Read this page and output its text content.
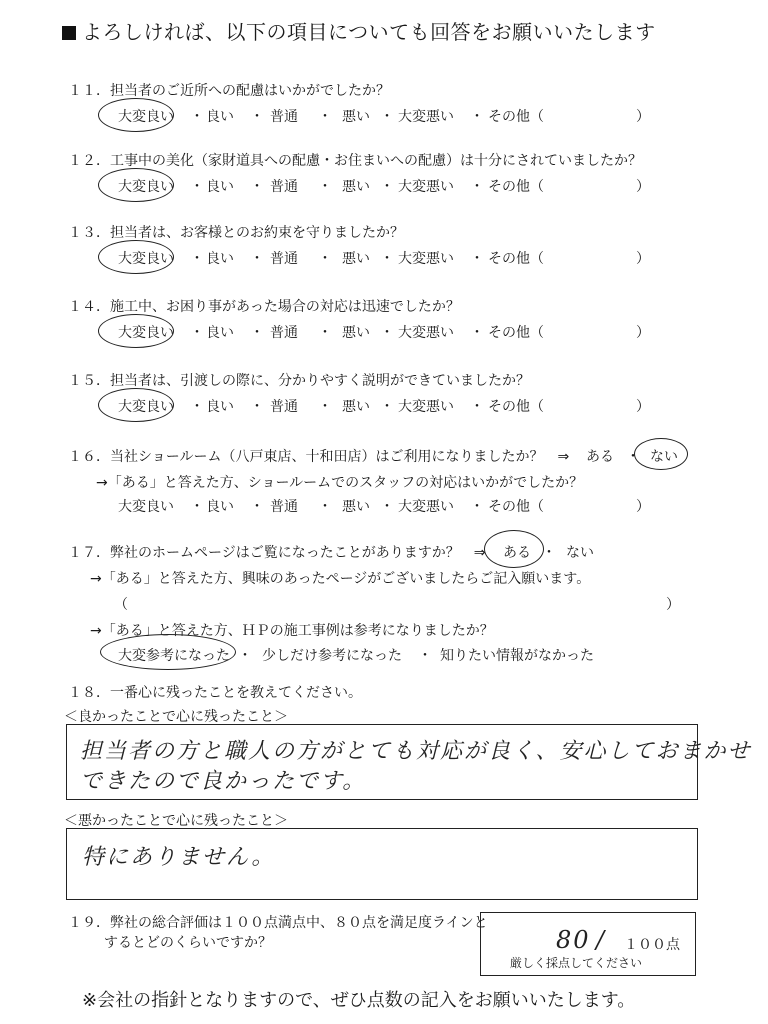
よろしければ、以下の項目についても回答をお願いいたします
１１．担当者のご近所への配慮はいかがでしたか？
大変良い 良い	普通	悪い 大変悪い その他（
・	・	・	・	・	）
１２．工事中の美化（家財道具への配慮・お住まいへの配慮）は十分にされていましたか？
大変良い 良い	普通	悪い 大変悪い その他（
・	・	・	・	・	）
１３．担当者は、お客様とのお約束を守りましたか？
大変良い 良い	普通	悪い 大変悪い その他（
・	・	・	・	・	）
１４．施工中、お困り事があった場合の対応は迅速でしたか？
大変良い 良い	普通	悪い 大変悪い その他（
・	・	・	・	・	）
１５．担当者は、引渡しの際に、分かりやすく説明ができていましたか？
大変良い 良い	普通	悪い 大変悪い その他（
・	・	・	・	・	）
１６．当社ショールーム（八戸東店、十和田店）はご利用になりましたか？　⇒ ある ・ ない
→「ある」と答えた方、ショールームでのスタッフの対応はいかがでしたか？
大変良い 良い	普通	悪い 大変悪い その他（
・	・	・	・	・	）
１７．弊社のホームページはご覧になったことがありますか？　⇒ ある ・ ない
→「ある」と答えた方、興味のあったページがございましたらご記入願います。
（	）
→「ある」と答えた方、ＨＰの施工事例は参考になりましたか？
大変参考になった ・ 少しだけ参考になった ・ 知りたい情報がなかった
１８．一番心に残ったことを教えてください。
＜良かったことで心に残ったこと＞
担当者の方と職人の方がとても対応が良く、安心しておまかせ
できたので良かったです。
＜悪かったことで心に残ったこと＞
特にありません。
１９．弊社の総合評価は１００点満点中、８０点を満足度ラインと
するとどのくらいですか？	80 / １００点
厳しく採点してください
※会社の指針となりますので、ぜひ点数の記入をお願いいたします。
